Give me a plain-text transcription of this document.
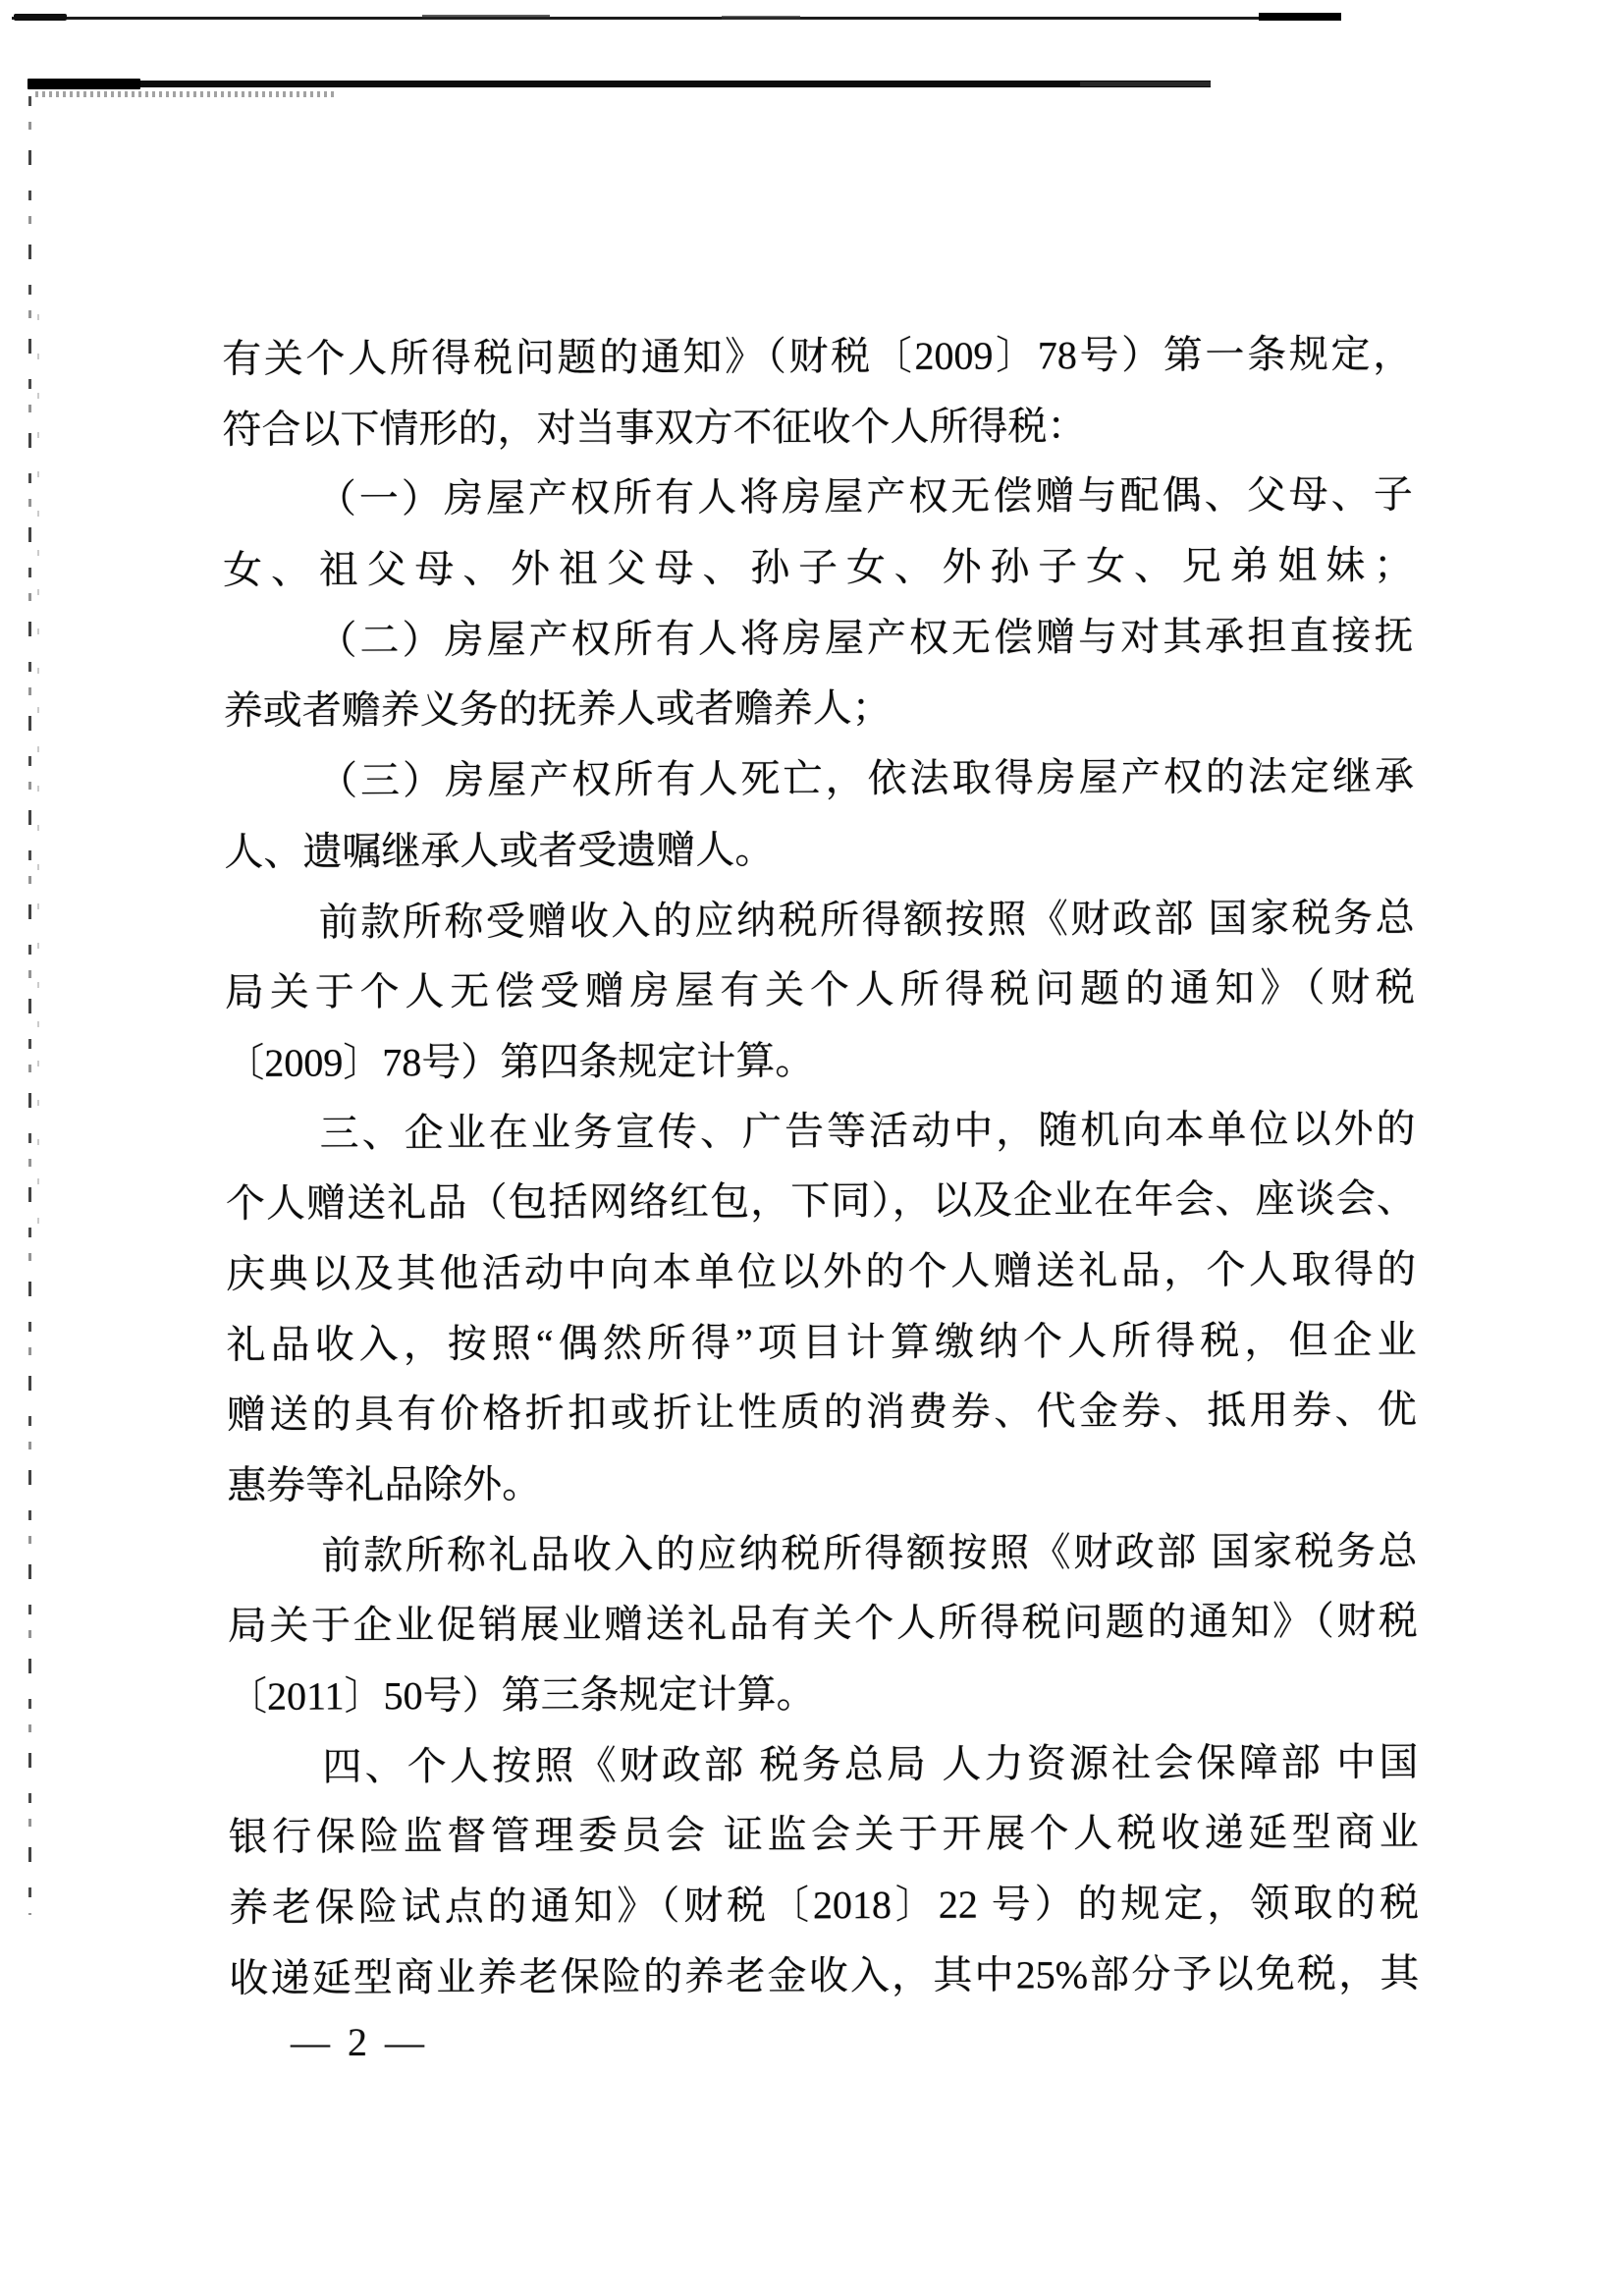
有关个人所得税问题的通知》（财税〔2009〕78号）第一条规定，
符合以下情形的，对当事双方不征收个人所得税：
（一）房屋产权所有人将房屋产权无偿赠与配偶、父母、子
女、祖父母、外祖父母、孙子女、外孙子女、兄弟姐妹；
（二）房屋产权所有人将房屋产权无偿赠与对其承担直接抚
养或者赡养义务的抚养人或者赡养人；
（三）房屋产权所有人死亡，依法取得房屋产权的法定继承
人、遗嘱继承人或者受遗赠人。
前款所称受赠收入的应纳税所得额按照《财政部 国家税务总
局关于个人无偿受赠房屋有关个人所得税问题的通知》（财税
〔2009〕78号）第四条规定计算。
三、企业在业务宣传、广告等活动中，随机向本单位以外的
个人赠送礼品（包括网络红包，下同），以及企业在年会、座谈会、
庆典以及其他活动中向本单位以外的个人赠送礼品，个人取得的
礼品收入，按照“偶然所得”项目计算缴纳个人所得税，但企业
赠送的具有价格折扣或折让性质的消费券、代金券、抵用券、优
惠券等礼品除外。
前款所称礼品收入的应纳税所得额按照《财政部 国家税务总
局关于企业促销展业赠送礼品有关个人所得税问题的通知》（财税
〔2011〕50号）第三条规定计算。
四、个人按照《财政部 税务总局 人力资源社会保障部 中国
银行保险监督管理委员会 证监会关于开展个人税收递延型商业
养老保险试点的通知》（财税〔2018〕22 号）的规定，领取的税
收递延型商业养老保险的养老金收入，其中25%部分予以免税，其
— 2 —
